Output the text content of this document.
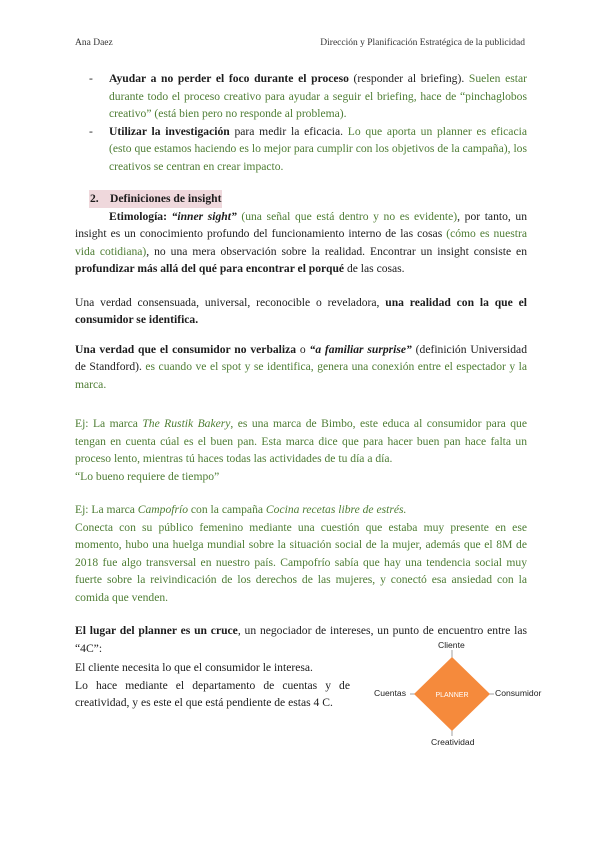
Ana Daez	Dirección y Planificación Estratégica de la publicidad
- Ayudar a no perder el foco durante el proceso (responder al briefing). Suelen estar durante todo el proceso creativo para ayudar a seguir el briefing, hace de “pinchaglobos creativo” (está bien pero no responde al problema).
- Utilizar la investigación para medir la eficacia. Lo que aporta un planner es eficacia (esto que estamos haciendo es lo mejor para cumplir con los objetivos de la campaña), los creativos se centran en crear impacto.
2. Definiciones de insight

Etimología: “inner sight” (una señal que está dentro y no es evidente), por tanto, un insight es un conocimiento profundo del funcionamiento interno de las cosas (cómo es nuestra vida cotidiana), no una mera observación sobre la realidad. Encontrar un insight consiste en profundizar más allá del qué para encontrar el porqué de las cosas.

Una verdad consensuada, universal, reconocible o reveladora, una realidad con la que el consumidor se identifica.

Una verdad que el consumidor no verbaliza o “a familiar surprise” (definición Universidad de Standford). es cuando ve el spot y se identifica, genera una conexión entre el espectador y la marca.

Ej: La marca The Rustik Bakery, es una marca de Bimbo, este educa al consumidor para que tengan en cuenta cúal es el buen pan. Esta marca dice que para hacer buen pan hace falta un proceso lento, mientras tú haces todas las actividades de tu día a día.

“Lo bueno requiere de tiempo”

Ej: La marca Campofrío con la campaña Cocina recetas libre de estrés.

Conecta con su público femenino mediante una cuestión que estaba muy presente en ese momento, hubo una huelga mundial sobre la situación social de la mujer, además que el 8M de 2018 fue algo transversal en nuestro país. Campofrío sabía que hay una tendencia social muy fuerte sobre la reivindicación de los derechos de las mujeres, y conectó esa ansiedad con la comida que venden.

El lugar del planner es un cruce, un negociador de intereses, un punto de encuentro entre las “4C”:

El cliente necesita lo que el consumidor le interesa.

Lo hace mediante el departamento de cuentas y de creatividad, y es este el que está pendiente de estas 4 C.

PLANNER
Cliente
Cuentas	Consumidor
Creatividad
